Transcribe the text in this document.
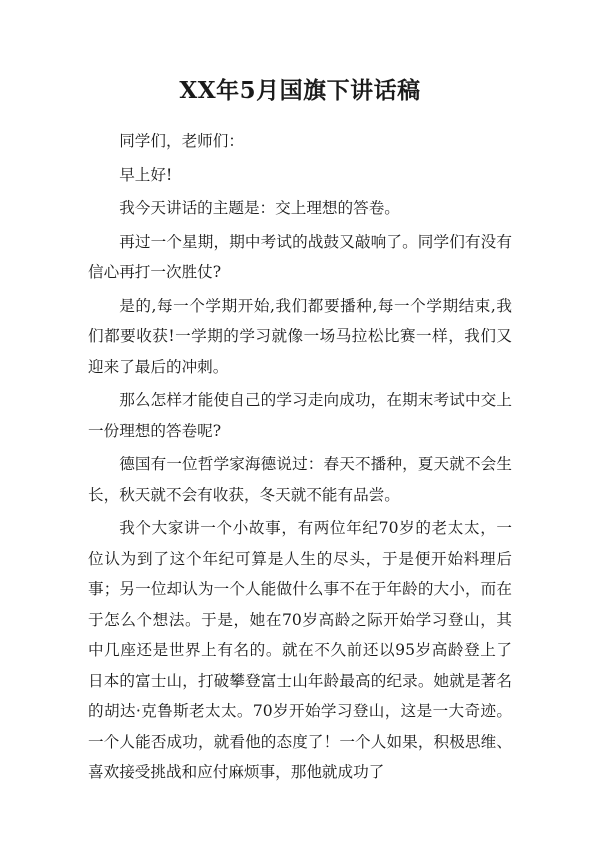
XX年5月国旗下讲话稿

同学们，老师们：

早上好!

我今天讲话的主题是：交上理想的答卷。

再过一个星期，期中考试的战鼓又敲响了。同学们有没有信心再打一次胜仗?

是的,每一个学期开始,我们都要播种,每一个学期结束,我们都要收获!一学期的学习就像一场马拉松比赛一样，我们又迎来了最后的冲刺。

那么怎样才能使自己的学习走向成功，在期末考试中交上一份理想的答卷呢?

德国有一位哲学家海德说过：春天不播种，夏天就不会生长，秋天就不会有收获，冬天就不能有品尝。

我个大家讲一个小故事，有两位年纪70岁的老太太，一位认为到了这个年纪可算是人生的尽头，于是便开始料理后事；另一位却认为一个人能做什么事不在于年龄的大小，而在于怎么个想法。于是，她在70岁高龄之际开始学习登山，其中几座还是世界上有名的。就在不久前还以95岁高龄登上了日本的富士山，打破攀登富士山年龄最高的纪录。她就是著名的胡达·克鲁斯老太太。70岁开始学习登山，这是一大奇迹。一个人能否成功，就看他的态度了！一个人如果，积极思维、喜欢接受挑战和应付麻烦事，那他就成功了
